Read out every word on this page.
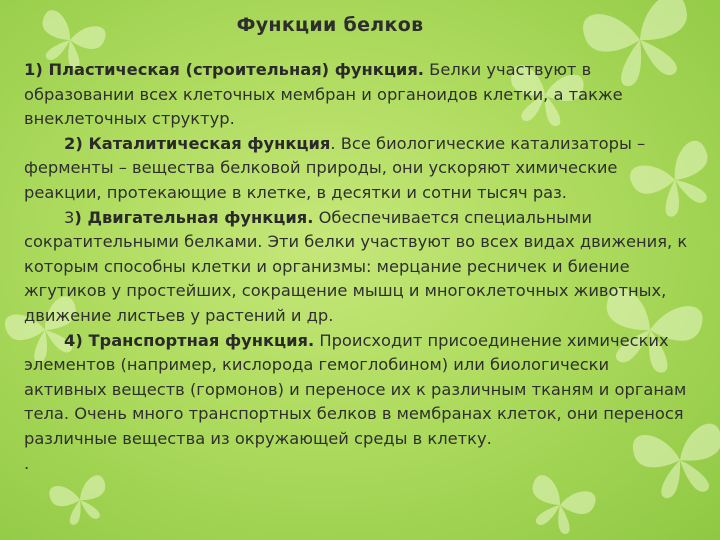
Функции белков

1) Пластическая (строительная) функция. Белки участвуют в образовании всех клеточных мембран и органоидов клетки, а также внеклеточных структур.

2) Каталитическая функция. Все биологические катализаторы – ферменты – вещества белковой природы, они ускоряют химические реакции, протекающие в клетке, в десятки и сотни тысяч раз.

3) Двигательная функция. Обеспечивается специальными сократительными белками. Эти белки участвуют во всех видах движения, к которым способны клетки и организмы: мерцание ресничек и биение жгутиков у простейших, сокращение мышц и многоклеточных животных, движение листьев у растений и др.

4) Транспортная функция. Происходит присоединение химических элементов (например, кислорода гемоглобином) или биологически активных веществ (гормонов) и переносе их к различным тканям и органам тела. Очень много транспортных белков в мембранах клеток, они перенося различные вещества из окружающей среды в клетку.

.
